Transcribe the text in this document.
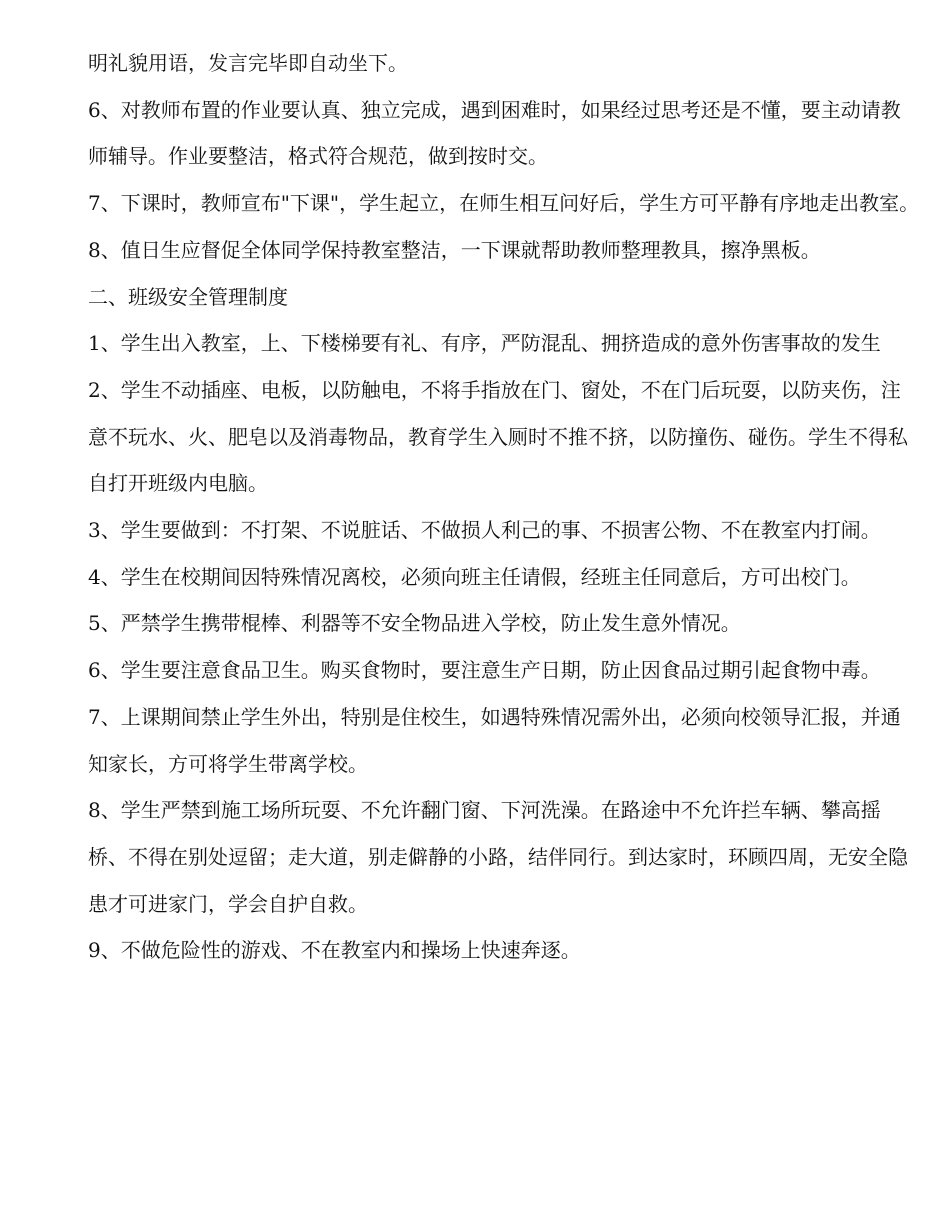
明礼貌用语，发言完毕即自动坐下。

6、对教师布置的作业要认真、独立完成，遇到困难时，如果经过思考还是不懂，要主动请教师辅导。作业要整洁，格式符合规范，做到按时交。

7、下课时，教师宣布"下课"，学生起立，在师生相互问好后，学生方可平静有序地走出教室。

8、值日生应督促全体同学保持教室整洁，一下课就帮助教师整理教具，擦净黑板。

二、班级安全管理制度

1、学生出入教室，上、下楼梯要有礼、有序，严防混乱、拥挤造成的意外伤害事故的发生

2、学生不动插座、电板，以防触电，不将手指放在门、窗处，不在门后玩耍，以防夹伤，注意不玩水、火、肥皂以及消毒物品，教育学生入厕时不推不挤，以防撞伤、碰伤。学生不得私自打开班级内电脑。

3、学生要做到：不打架、不说脏话、不做损人利己的事、不损害公物、不在教室内打闹。

4、学生在校期间因特殊情况离校，必须向班主任请假，经班主任同意后，方可出校门。

5、严禁学生携带棍棒、利器等不安全物品进入学校，防止发生意外情况。

6、学生要注意食品卫生。购买食物时，要注意生产日期，防止因食品过期引起食物中毒。

7、上课期间禁止学生外出，特别是住校生，如遇特殊情况需外出，必须向校领导汇报，并通知家长，方可将学生带离学校。

8、学生严禁到施工场所玩耍、不允许翻门窗、下河洗澡。在路途中不允许拦车辆、攀高摇桥、不得在别处逗留；走大道，别走僻静的小路，结伴同行。到达家时，环顾四周，无安全隐患才可进家门，学会自护自救。

9、不做危险性的游戏、不在教室内和操场上快速奔逐。
